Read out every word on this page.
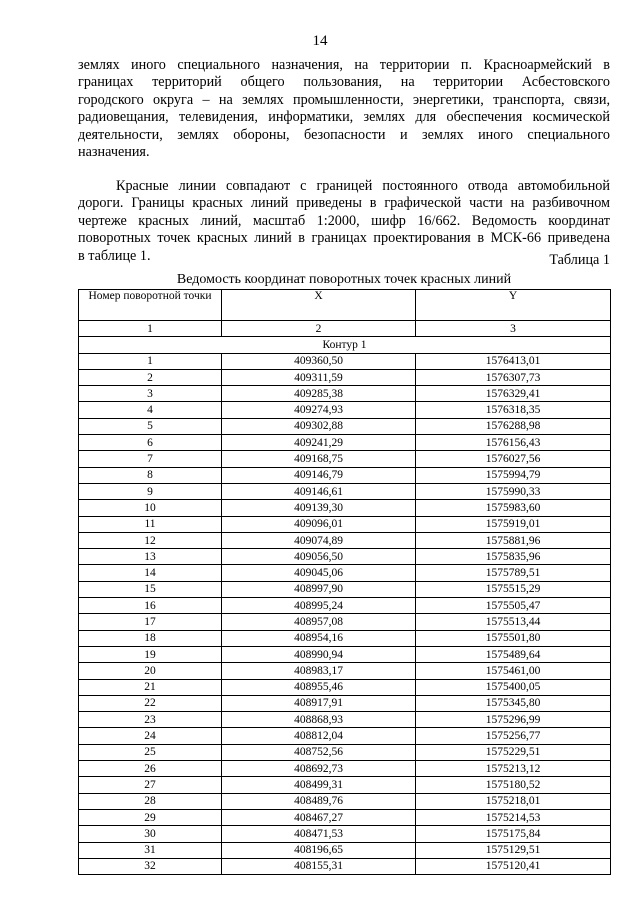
14
землях иного специального назначения, на территории п. Красноармейский в
границах территорий общего пользования, на территории Асбестовского
городского округа – на землях промышленности, энергетики, транспорта, связи,
радиовещания, телевидения, информатики, землях для обеспечения космической
деятельности, землях обороны, безопасности и землях иного специального
назначения.
Красные линии совпадают с границей постоянного отвода автомобильной
дороги. Границы красных линий приведены в графической части на разбивочном
чертеже красных линий, масштаб 1:2000, шифр 16/662. Ведомость координат
поворотных точек красных линий в границах проектирования в МСК-66 приведена
в таблице 1.	Таблица 1
Ведомость координат поворотных точек красных линий
Номер поворотной точки	X	Y
1	2	3
Контур 1		
1	409360,50	1576413,01
2	409311,59	1576307,73
3	409285,38	1576329,41
4	409274,93	1576318,35
5	409302,88	1576288,98
6	409241,29	1576156,43
7	409168,75	1576027,56
8	409146,79	1575994,79
9	409146,61	1575990,33
10	409139,30	1575983,60
11	409096,01	1575919,01
12	409074,89	1575881,96
13	409056,50	1575835,96
14	409045,06	1575789,51
15	408997,90	1575515,29
16	408995,24	1575505,47
17	408957,08	1575513,44
18	408954,16	1575501,80
19	408990,94	1575489,64
20	408983,17	1575461,00
21	408955,46	1575400,05
22	408917,91	1575345,80
23	408868,93	1575296,99
24	408812,04	1575256,77
25	408752,56	1575229,51
26	408692,73	1575213,12
27	408499,31	1575180,52
28	408489,76	1575218,01
29	408467,27	1575214,53
30	408471,53	1575175,84
31	408196,65	1575129,51
32	408155,31	1575120,41
